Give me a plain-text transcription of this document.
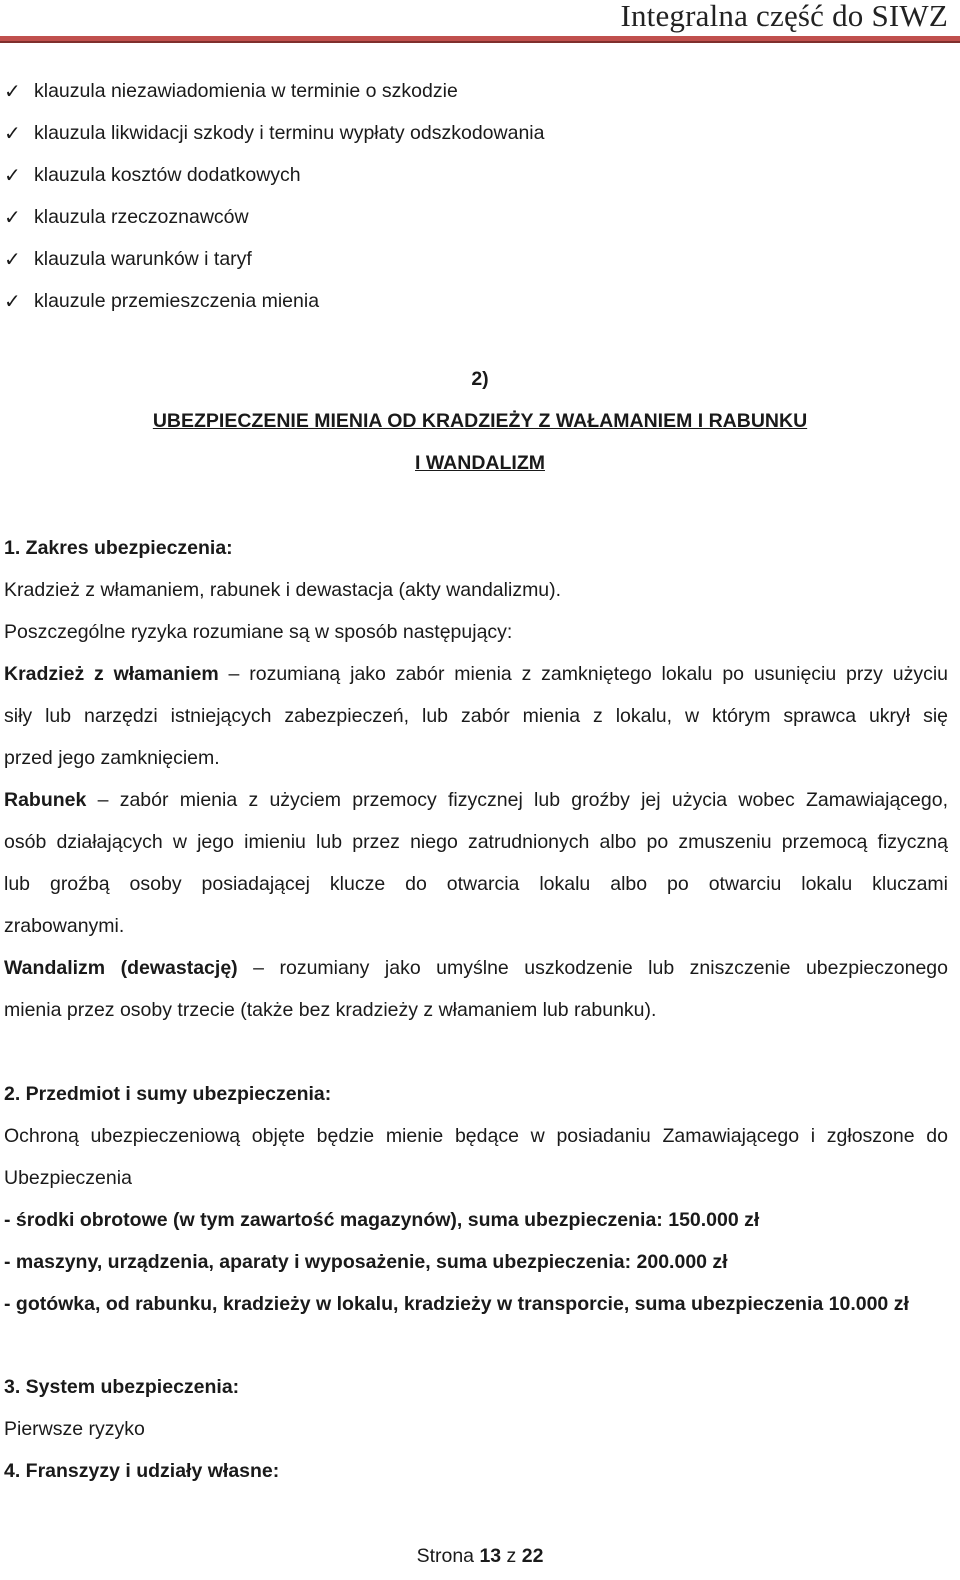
Integralna część do SIWZ
✓ klauzula niezawiadomienia w terminie o szkodzie
✓ klauzula likwidacji szkody i terminu wypłaty odszkodowania
✓ klauzula kosztów dodatkowych
✓ klauzula rzeczoznawców
✓ klauzula warunków i taryf
✓ klauzule przemieszczenia mienia
2)
UBEZPIECZENIE MIENIA OD KRADZIEŻY Z WAŁAMANIEM I RABUNKU
I WANDALIZM
1. Zakres ubezpieczenia:
Kradzież z włamaniem, rabunek i dewastacja (akty wandalizmu).
Poszczególne ryzyka rozumiane są w sposób następujący:
Kradzież z włamaniem – rozumianą jako zabór mienia z zamkniętego lokalu po usunięciu przy użyciu
siły lub narzędzi istniejących zabezpieczeń, lub zabór mienia z lokalu, w którym sprawca ukrył się
przed jego zamknięciem.
Rabunek – zabór mienia z użyciem przemocy fizycznej lub groźby jej użycia wobec Zamawiającego,
osób działających w jego imieniu lub przez niego zatrudnionych albo po zmuszeniu przemocą fizyczną
lub groźbą osoby posiadającej klucze do otwarcia lokalu albo po otwarciu lokalu kluczami
zrabowanymi.
Wandalizm (dewastację) – rozumiany jako umyślne uszkodzenie lub zniszczenie ubezpieczonego
mienia przez osoby trzecie (także bez kradzieży z włamaniem lub rabunku).
2. Przedmiot i sumy ubezpieczenia:
Ochroną ubezpieczeniową objęte będzie mienie będące w posiadaniu Zamawiającego i zgłoszone do
Ubezpieczenia
- środki obrotowe (w tym zawartość magazynów), suma ubezpieczenia: 150.000 zł
- maszyny, urządzenia, aparaty i wyposażenie, suma ubezpieczenia: 200.000 zł
- gotówka, od rabunku, kradzieży w lokalu, kradzieży w transporcie, suma ubezpieczenia 10.000 zł
3. System ubezpieczenia:
Pierwsze ryzyko
4. Franszyzy i udziały własne:
Strona 13 z 22
